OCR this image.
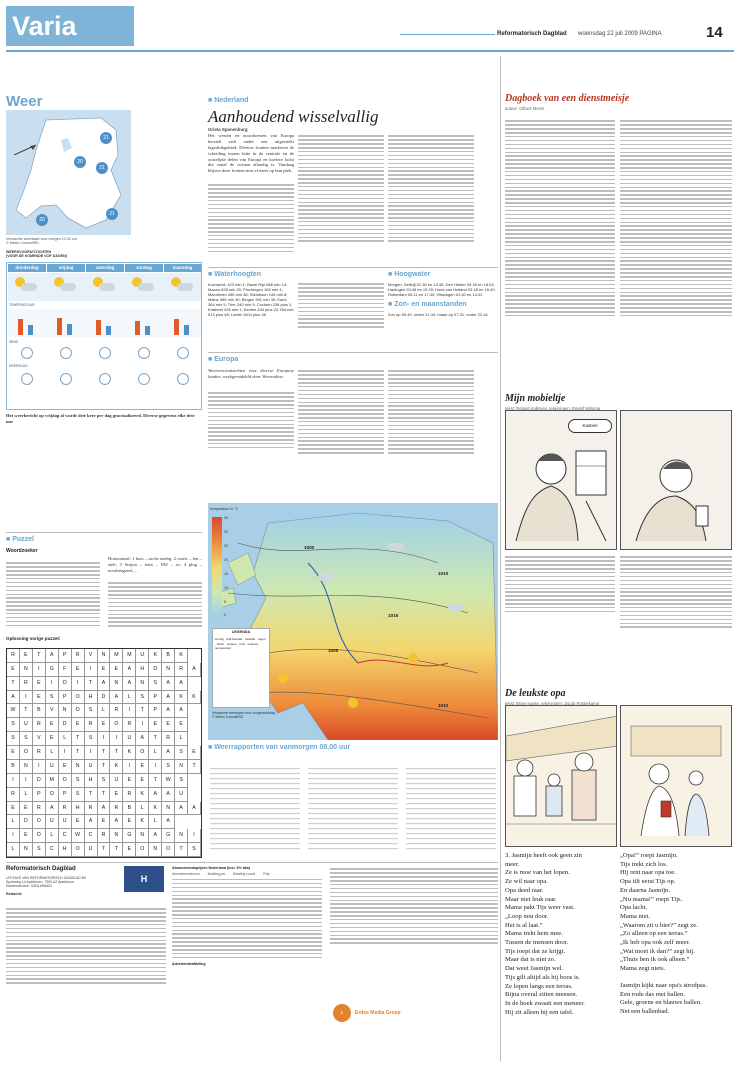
Varia	Reformatorisch Dagblad woensdag 22 juli 2009 PAGINA	14
Weer
21
20
21
20
21
Verwachte weerkaart voor morgen 12.00 uur
© Meteo Consult/RD
WEERSVOORUITZICHTEN
(VOOR DE KOMENDE VIJF DAGEN)
donderdag	vrijdag	zaterdag	zondag	maandag
TEMPERATUUR
WIND
NEERSLAG
Het weerbericht op vrijdag al wordt drie keer per dag geactualiseerd. Diverse gegevens elke drie uur
■ Nederland
Aanhoudend wisselvallig
Grieta Spanenburg
Het westen en noordwesten van Europa herstelt zich onder een uitgestrekt lagedrukgebied. Diverse fronten markeren de scheiding tussen hitte in de centrale en de oostelijke delen van Europa en koelere lucht die vanaf de oceaan aflandig is. Vandaag blijven deze fronten min of meer op hun plek.
■ Waterhoogten
Kornwerd: 423 min 1; Bazel Rijn 666 min 13; Maxau 628 min 20; Plochingen 169 min 4; Mannheim 496 min 38; Steinbach 145 min 8; Mainz 485 min 30; Bingen 391 min 30; Kaub 364 min 5; Trier 240 min 9; Cochem 236 plus 1; Kratlerst 326 min 1; Keulen 434 plus 22; Ruhrort 513 plus 48; Lobith 1004 plus 38
■ Hoogwater
Morgen: Delfzijl 01.30 en 13.45; Den Helder 05.20 en 18.04; Harlingen 03.08 en 15.25; Hoek van Holland 03.18 en 15.40; Rotterdam 05.11 en 17.40; Vlissingen 01.30 en 14.02
■ Zon- en maanstanden
Zon op 05.49, onder 21.44; maan op 07.31, onder 22.16
■ Europa
Weersvooruitzichten voor diverse Europese landen, weekgemiddeld door Weeronline.
temperatuur in °C
35
30
25
20
15
10
5
0
1000
1010
1015
1005
1010
LEGENDA
zonnig · half bewolkt · bewolkt · regen · buien · onweer · mist · sneeuw · temperatuur
Verwachte weerkaart voor morgenmiddag
© Meteo Consult/RD
■ Weerrapporten van vanmorgen 08.00 uur
■ Puzzel
Woordzoeker
Horizontaal: 1 buis – zacht-aardig; 2 oratie – fen – stelt; 3 Strijen – teint – NW – ec; 4 plug – noorbrugzeel;...
Oplossing vorige puzzel:
R	E	T	A	P	R	V	N	M	M	U	K	B	K
E	N	I	G	F	E	I	E	E	A	H	D	N	R	A
T	R	E	I	O	I	T	A	N	A	N	S	A	A
A	I	E	S	P	O	H	D	A	L	S	P	A	K	K
W	T	B	V	N	O	S	L	R	I	T	P	A	A
S	U	R	E	D	E	R	E	O	R	I	E	E	E
S	S	V	E	L	T	S	I	I	U	A	T	R	L
E	O	R	L	I	T	I	T	T	K	O	L	A	S	E
B	N	I	U	E	N	U	T	K	I	E	I	S	N	T
I	I	D	M	O	S	H	S	U	E	E	T	W	S
R	L	P	O	P	S	T	T	E	R	K	A	A	U
E	E	R	A	R	H	R	A	R	B	L	K	N	A	A
L	D	O	U	U	E	A	E	A	E	K	L	A
I	E	O	L	C	W	C	R	N	G	N	A	G	N	I
L	N	S	C	H	O	U	T	T	E	O	N	O	T	S
Reformatorisch Dagblad
UITGAVE VAN REFORMATORISCH DAGBLAD BV
Sportweg 14 Apeldoorn, 7300 AZ Apeldoorn
Klantenservice: 0318-696000
Redactie
H
Abonnementsprijzen Nederland (incl. 6% btw)
Abonnementsvorm Betaling per Betaling vooraf Prijs
Advertentieafdeling
E	Erdee Media Groep
Dagboek van een dienstmeisje
auteur: Gilbert Morris
Mijn mobieltje
tekst: Roland Kalkman, tekeningen: Roelof Wijtsma
Kasteel
De leukste opa
tekst: Bram Kasse, tekeningen: Jacob Rosterkamp
3. Jasmijn heeft ook geen zin
meer.
Ze is moe van het lopen.
Ze wil naar opa.
Opa deed raar.
Maar niet leuk raar.
Mama pakt Tijs weer vast.
„Loop nou door.
Het is al laat.”
Mama trekt hem mee.
Tussen de mensen door.
Tijs roept dat ze krijgt.
Maar dat is niet zo.
Dat weet Jasmijn wel.
Tijs gilt altijd als hij boos is.
Ze lopen langs een terras.
Bijna overal zitten mensen.
In de hoek zwaait een meneer.
Hij zit alleen bij een tafel.
„Opa!” roept Jasmijn.
Tijs trekt zich los.
Hij rent naar opa toe.
Opa tilt eerst Tijs op.
En daarna Jasmijn.
„Nu mama!” roept Tijs.
Opa lacht.
Mama niet.
„Waarom zit u hier?” zegt ze.
„Zo alleen op een terras.”
„Ik heb opa ook zelf meer.
„Wat moet ik dan?” zegt hij.
„Thuis ben ik ook alleen.”
Mama zegt niets.
Jasmijn kijkt naar opa's strodpas.
Een rode das met ballen.
Gele, groene en blauwe ballen.
Net een ballenbad.
